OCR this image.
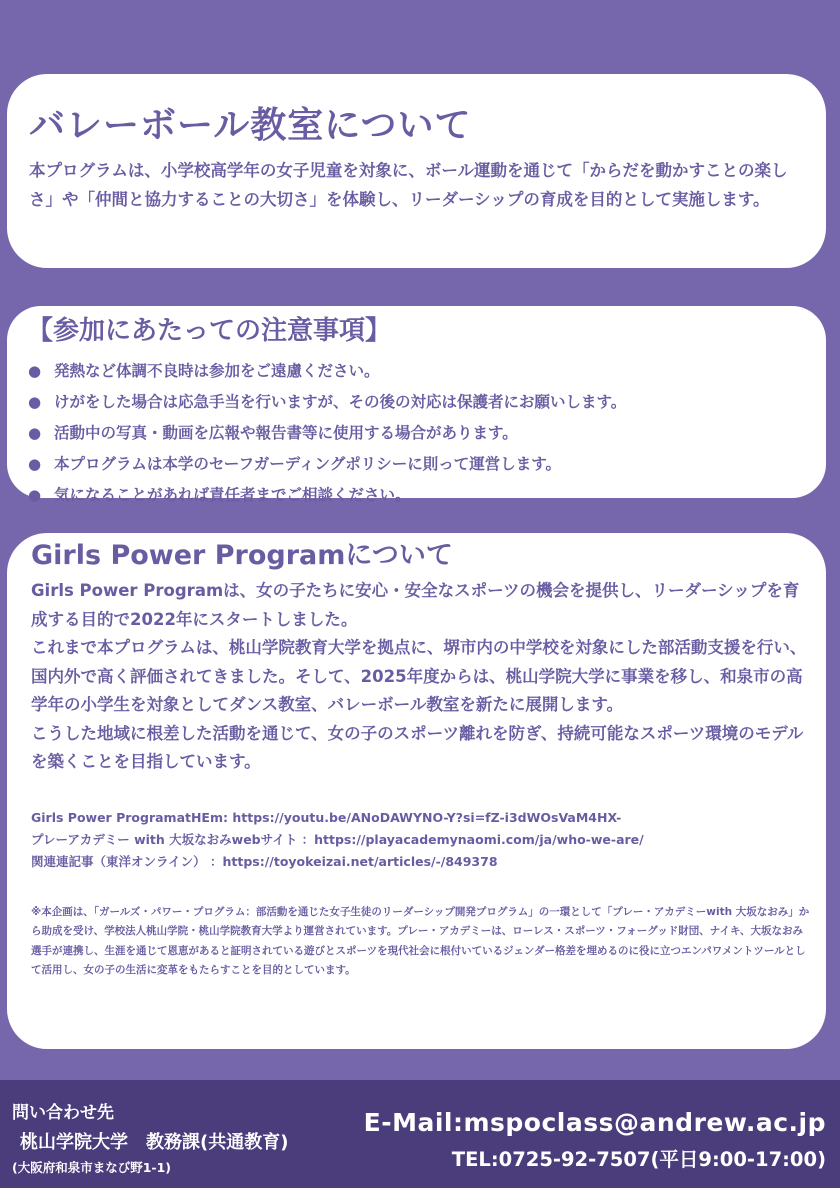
バレーボール教室について

本プログラムは、小学校高学年の女子児童を対象に、ボール運動を通じて「からだを動かすことの楽しさ」や「仲間と協力することの大切さ」を体験し、リーダーシップの育成を目的として実施します。

【参加にあたっての注意事項】
● 発熱など体調不良時は参加をご遠慮ください。
● けがをした場合は応急手当を行いますが、その後の対応は保護者にお願いします。
● 活動中の写真・動画を広報や報告書等に使用する場合があります。
● 本プログラムは本学のセーフガーディングポリシーに則って運営します。
● 気になることがあれば責任者までご相談ください。
Girls Power Programについて

Girls Power Programは、女の子たちに安心・安全なスポーツの機会を提供し、リーダーシップを育成する目的で2022年にスタートしました。

これまで本プログラムは、桃山学院教育大学を拠点に、堺市内の中学校を対象にした部活動支援を行い、国内外で高く評価されてきました。そして、2025年度からは、桃山学院大学に事業を移し、和泉市の高学年の小学生を対象としてダンス教室、バレーボール教室を新たに展開します。

こうした地域に根差した活動を通じて、女の子のスポーツ離れを防ぎ、持続可能なスポーツ環境のモデルを築くことを目指しています。

Girls Power ProgramatHEm: https://youtu.be/ANoDAWYNO-Y?si=fZ-i3dWOsVaM4HX-
プレーアカデミー with 大坂なおみwebサイト ：https://playacademynaomi.com/ja/who-we-are/
関連連記事（東洋オンライン） ：https://toyokeizai.net/articles/-/849378

※本企画は、「ガールズ・パワー・プログラム：部活動を通じた女子生徒のリーダーシップ開発プログラム」の一環として「プレー・アカデミーwith 大坂なおみ」から助成を受け、学校法人桃山学院・桃山学院教育大学より運営されています。プレー・アカデミーは、ローレス・スポーツ・フォーグッド財団、ナイキ、大坂なおみ選手が連携し、生涯を通じて恩恵があると証明されている遊びとスポーツを現代社会に根付いているジェンダー格差を埋めるのに役に立つエンパワメントツールとして活用し、女の子の生活に変革をもたらすことを目的としています。

問い合わせ先
桃山学院大学　教務課(共通教育)
(大阪府和泉市まなび野1-1)
E-Mail:mspoclass@andrew.ac.jp
TEL:0725-92-7507(平日9:00-17:00)
